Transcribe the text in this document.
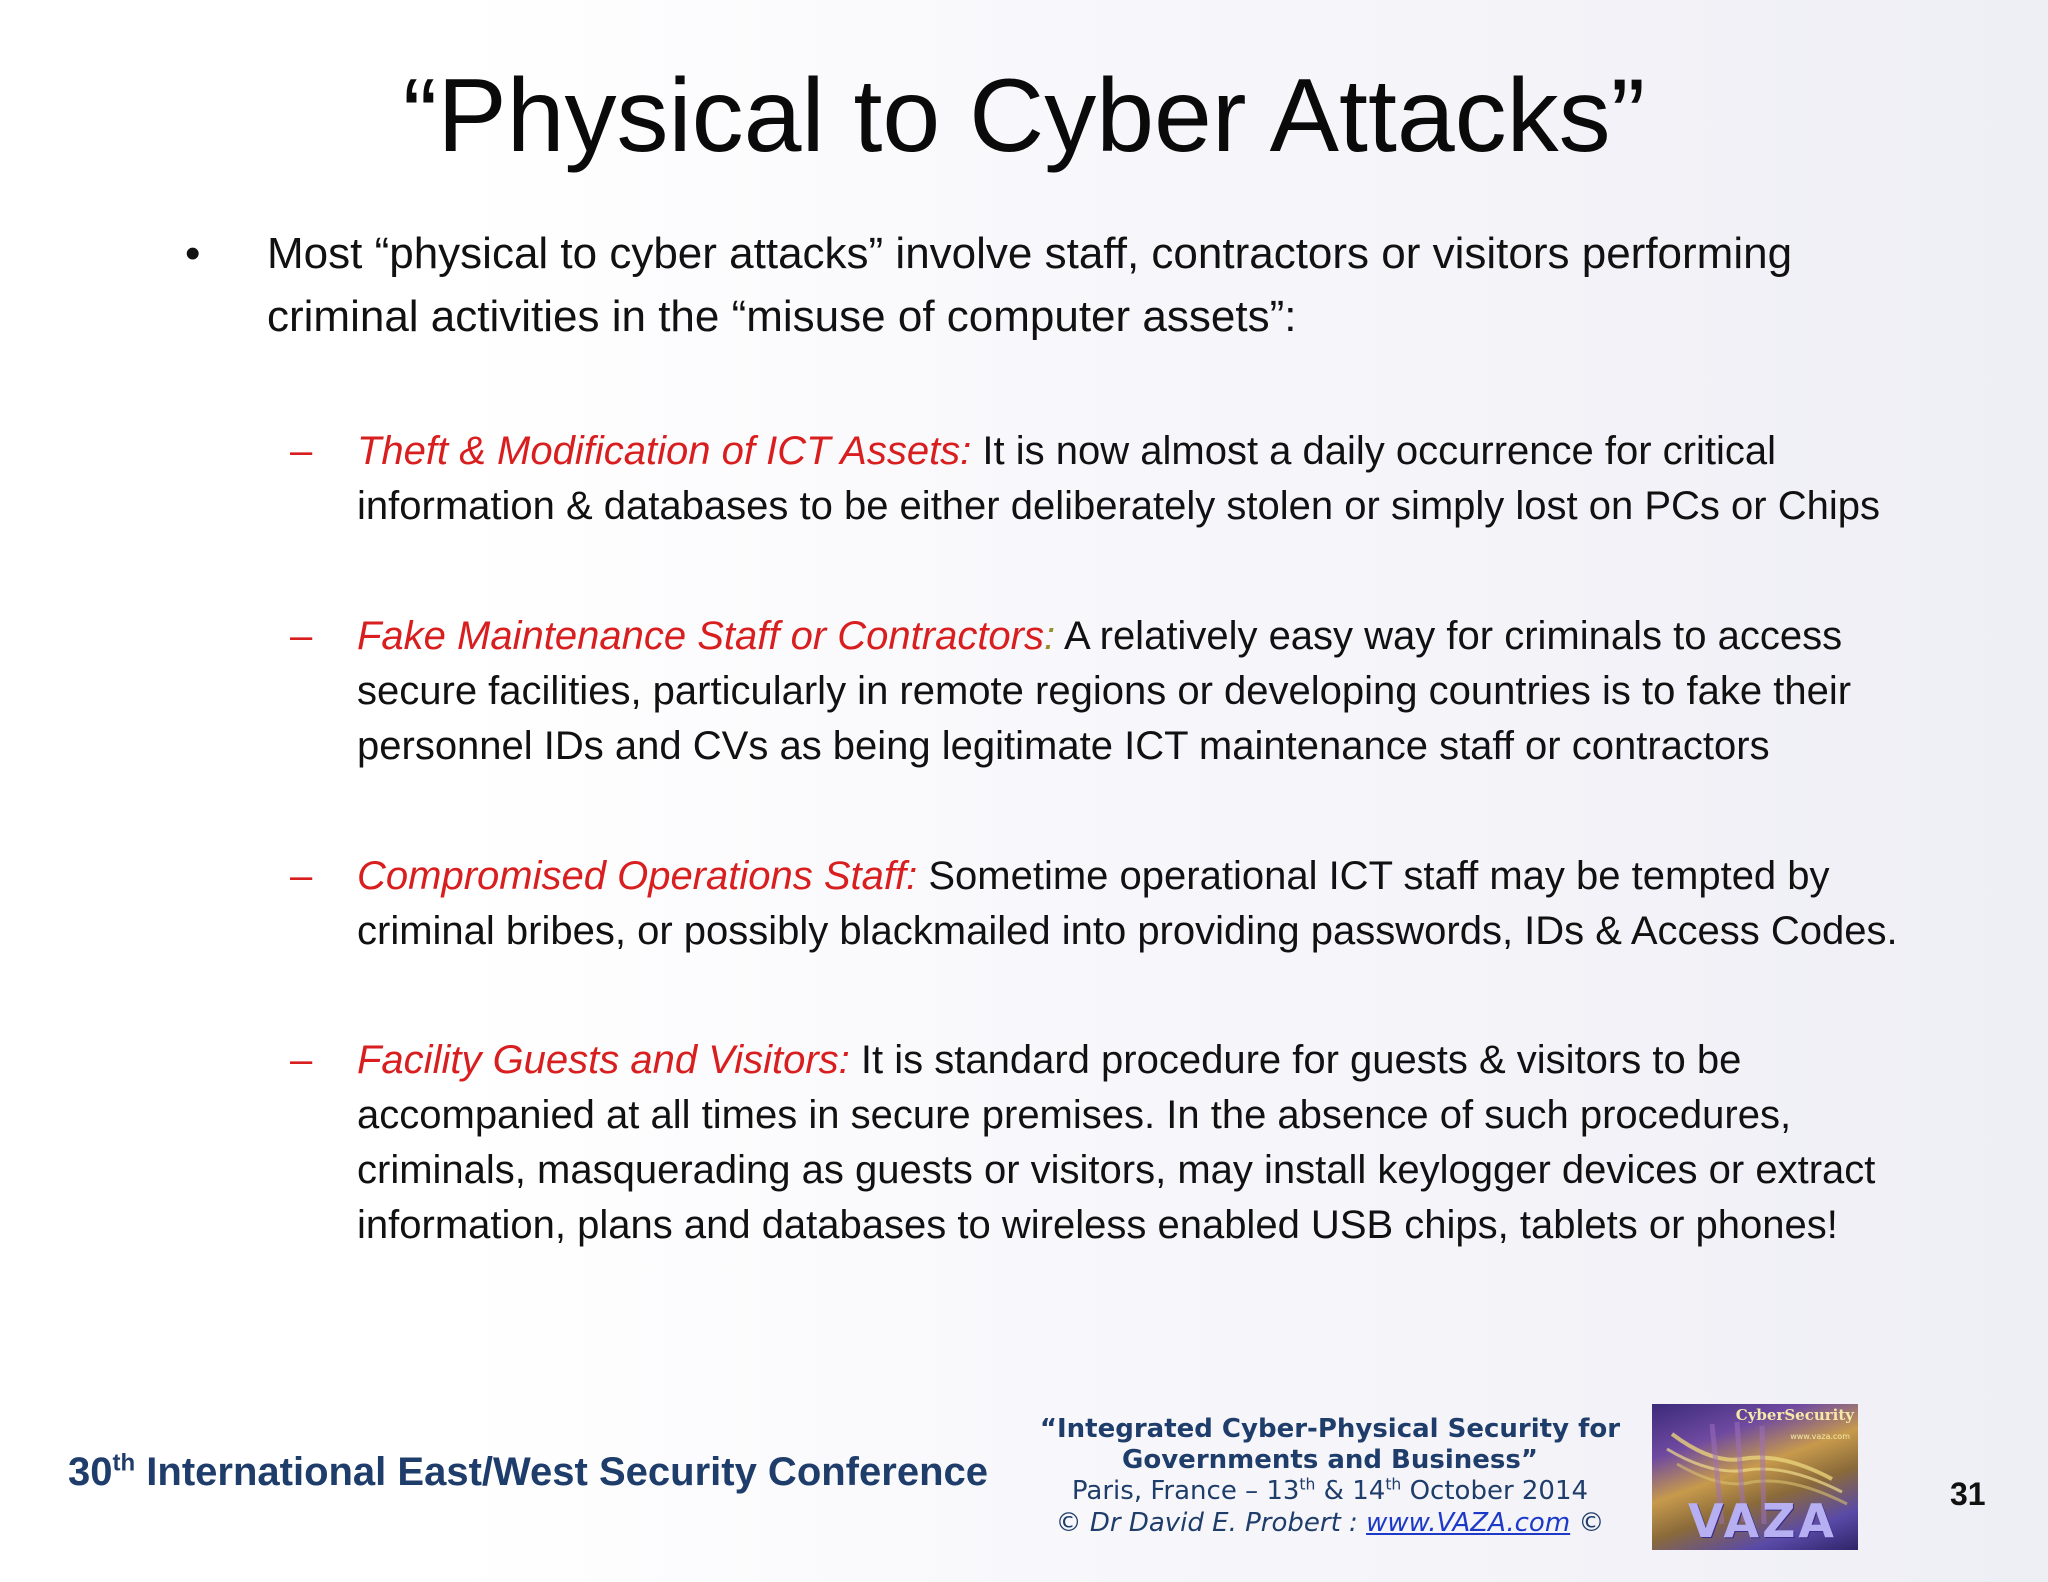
“Physical to Cyber Attacks”
•	Most “physical to cyber attacks” involve staff, contractors or visitors performing criminal activities in the “misuse of computer assets”:
– Theft & Modification of ICT Assets: It is now almost a daily occurrence for critical information & databases to be either deliberately stolen or simply lost on PCs or Chips
– Fake Maintenance Staff or Contractors: A relatively easy way for criminals to access secure facilities, particularly in remote regions or developing countries is to fake their personnel IDs and CVs as being legitimate ICT maintenance staff or contractors
– Compromised Operations Staff: Sometime operational ICT staff may be tempted by criminal bribes, or possibly blackmailed into providing passwords, IDs & Access Codes.
– Facility Guests and Visitors: It is standard procedure for guests & visitors to be accompanied at all times in secure premises. In the absence of such procedures, criminals, masquerading as guests or visitors, may install keylogger devices or extract information, plans and databases to wireless enabled USB chips, tablets or phones!
30th International East/West Security Conference
“Integrated Cyber-Physical Security for
Governments and Business”
Paris, France – 13th & 14th October 2014
© Dr David E. Probert : www.VAZA.com ©
CyberSecurity
www.vaza.com
VAZA	31
